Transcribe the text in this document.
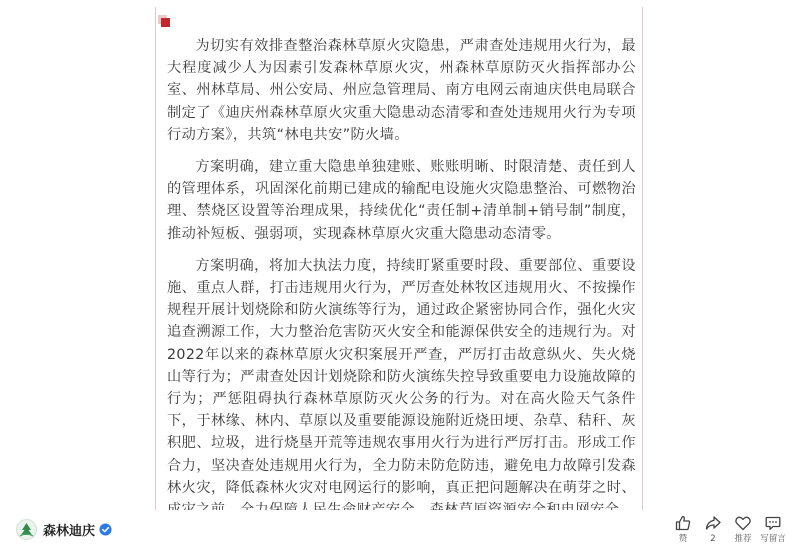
为切实有效排查整治森林草原火灾隐患，严肃查处违规用火行为，最大程度减少人为因素引发森林草原火灾，州森林草原防灭火指挥部办公室、州林草局、州公安局、州应急管理局、南方电网云南迪庆供电局联合制定了《迪庆州森林草原火灾重大隐患动态清零和查处违规用火行为专项行动方案》，共筑“林电共安”防火墙。

方案明确，建立重大隐患单独建账、账账明晰、时限清楚、责任到人的管理体系，巩固深化前期已建成的输配电设施火灾隐患整治、可燃物治理、禁烧区设置等治理成果，持续优化“责任制+清单制+销号制”制度，推动补短板、强弱项，实现森林草原火灾重大隐患动态清零。

方案明确，将加大执法力度，持续盯紧重要时段、重要部位、重要设施、重点人群，打击违规用火行为，严厉查处林牧区违规用火、不按操作规程开展计划烧除和防火演练等行为，通过政企紧密协同合作，强化火灾追查溯源工作，大力整治危害防灭火安全和能源保供安全的违规行为。对2022年以来的森林草原火灾积案展开严查，严厉打击故意纵火、失火烧山等行为；严肃查处因计划烧除和防火演练失控导致重要电力设施故障的行为；严惩阻碍执行森林草原防灭火公务的行为。对在高火险天气条件下，于林缘、林内、草原以及重要能源设施附近烧田埂、杂草、秸秆、灰积肥、垃圾，进行烧垦开荒等违规农事用火行为进行严厉打击。形成工作合力，坚决查处违规用火行为，全力防未防危防违，避免电力故障引发森林火灾，降低森林火灾对电网运行的影响，真正把问题解决在萌芽之时、

森林迪庆
赞	2 推荐 写留言
